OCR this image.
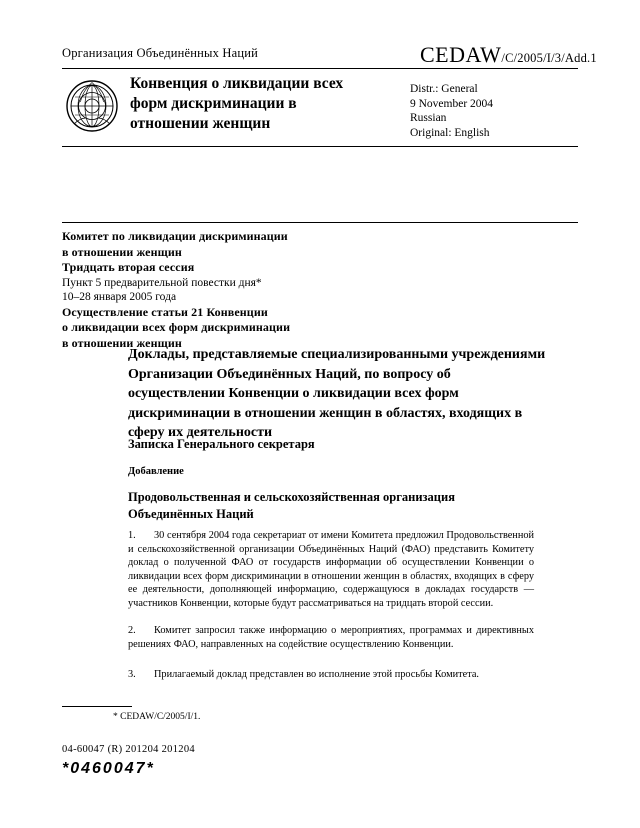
Организация Объединённых Наций	CEDAW/C/2005/I/3/Add.1
Конвенция о ликвидации всех
форм дискриминации в
отношении женщин
Distr.: General
9 November 2004
Russian
Original: English
Комитет по ликвидации дискриминации
в отношении женщин
Тридцать вторая сессия
Пункт 5 предварительной повестки дня*
10–28 января 2005 года
Осуществление статьи 21 Конвенции
о ликвидации всех форм дискриминации
в отношении женщин
Доклады, представляемые специализированными учреждениями Организации Объединённых Наций, по вопросу об осуществлении Конвенции о ликвидации всех форм дискриминации в отношении женщин в областях, входящих в сферу их деятельности
Записка Генерального секретаря
Добавление
Продовольственная и сельскохозяйственная организация
Объединённых Наций
1. 30 сентября 2004 года секретариат от имени Комитета предложил Продовольственной и сельскохозяйственной организации Объединённых Наций (ФАО) представить Комитету доклад о полученной ФАО от государств информации об осуществлении Конвенции о ликвидации всех форм дискриминации в отношении женщин в областях, входящих в сферу ее деятельности, дополняющей информацию, содержащуюся в докладах государств — участников Конвенции, которые будут рассматриваться на тридцать второй сессии.
2. Комитет запросил также информацию о мероприятиях, программах и директивных решениях ФАО, направленных на содействие осуществлению Конвенции.
3. Прилагаемый доклад представлен во исполнение этой просьбы Комитета.
* CEDAW/C/2005/I/1.
04-60047 (R) 201204 201204
*0460047*
